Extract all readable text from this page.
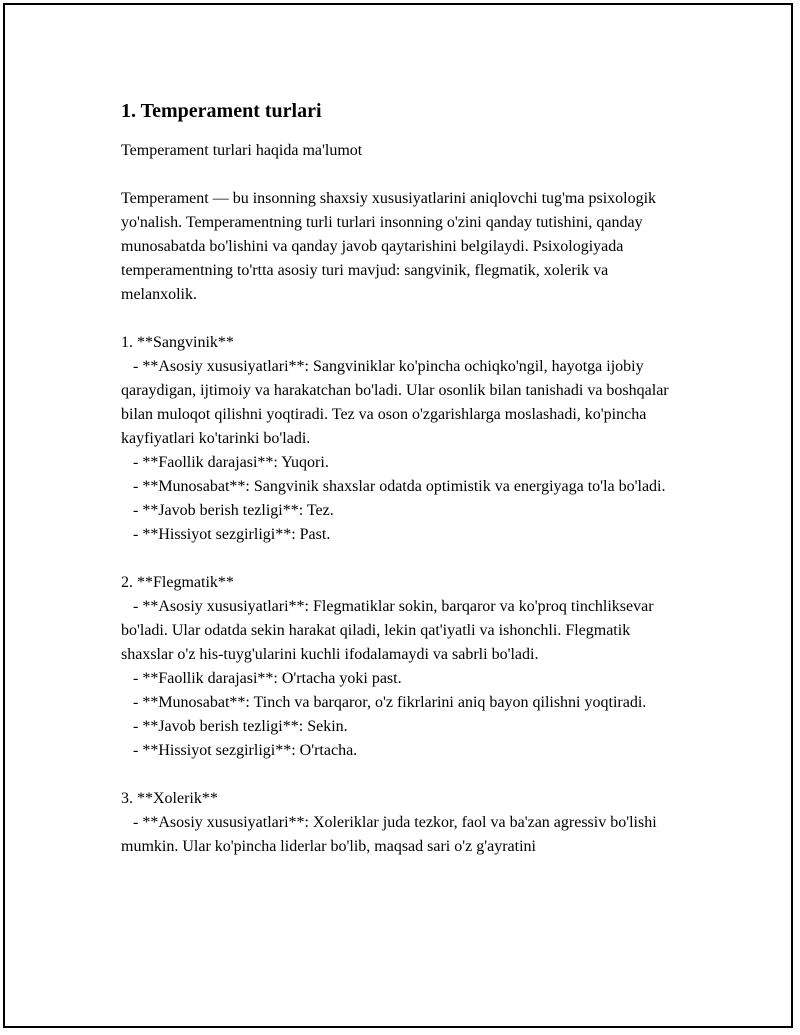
1. Temperament turlari

Temperament turlari haqida ma'lumot

Temperament — bu insonning shaxsiy xususiyatlarini aniqlovchi tug'ma psixologik yo'nalish. Temperamentning turli turlari insonning o'zini qanday tutishini, qanday munosabatda bo'lishini va qanday javob qaytarishini belgilaydi. Psixologiyada temperamentning to'rtta asosiy turi mavjud: sangvinik, flegmatik, xolerik va melanxolik.

1. **Sangvinik**
- **Asosiy xususiyatlari**: Sangviniklar ko'pincha ochiqko'ngil, hayotga ijobiy qaraydigan, ijtimoiy va harakatchan bo'ladi. Ular osonlik bilan tanishadi va boshqalar bilan muloqot qilishni yoqtiradi. Tez va oson o'zgarishlarga moslashadi, ko'pincha kayfiyatlari ko'tarinki bo'ladi.
- **Faollik darajasi**: Yuqori.
- **Munosabat**: Sangvinik shaxslar odatda optimistik va energiyaga to'la bo'ladi.
- **Javob berish tezligi**: Tez.
- **Hissiyot sezgirligi**: Past.

2. **Flegmatik**
- **Asosiy xususiyatlari**: Flegmatiklar sokin, barqaror va ko'proq tinchliksevar bo'ladi. Ular odatda sekin harakat qiladi, lekin qat'iyatli va ishonchli. Flegmatik shaxslar o'z his-tuyg'ularini kuchli ifodalamaydi va sabrli bo'ladi.
- **Faollik darajasi**: O'rtacha yoki past.
- **Munosabat**: Tinch va barqaror, o'z fikrlarini aniq bayon qilishni yoqtiradi.
- **Javob berish tezligi**: Sekin.
- **Hissiyot sezgirligi**: O'rtacha.

3. **Xolerik**
- **Asosiy xususiyatlari**: Xoleriklar juda tezkor, faol va ba'zan agressiv bo'lishi mumkin. Ular ko'pincha liderlar bo'lib, maqsad sari o'z g'ayratini
